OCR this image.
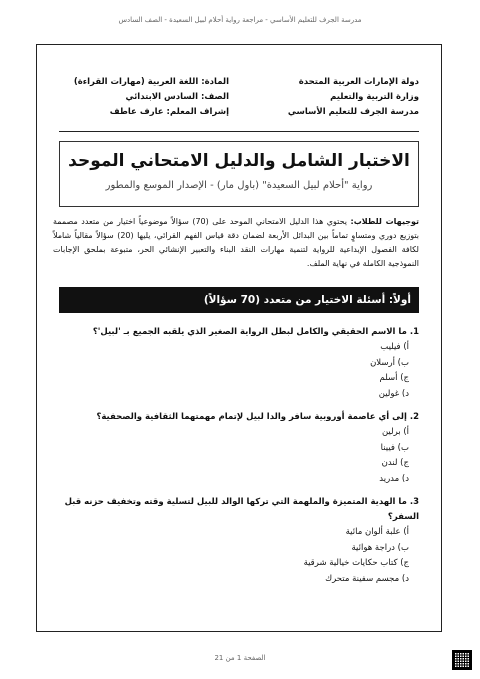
مدرسة الجرف للتعليم الأساسي - مراجعة رواية أحلام لبيل السعيدة - الصف السادس
دولة الإمارات العربية المتحدة
وزارة التربية والتعليم
مدرسة الجرف للتعليم الأساسي
المادة: اللغة العربية (مهارات القراءة)
الصف: السادس الابتدائي
إشراف المعلم: عارف عاطف
الاختبار الشامل والدليل الامتحاني الموحد
رواية "أحلام لبيل السعيدة" (باول مار) - الإصدار الموسع والمطور
توجيهات للطلاب: يحتوي هذا الدليل الامتحاني الموحد على (70) سؤالاً موضوعياً اختيار من متعدد مصممة بتوزيع دوري ومتساوٍ تماماً بين البدائل الأربعة لضمان دقة قياس الفهم القرائي، يليها (20) سؤالاً مقالياً شاملاً لكافة الفصول الإبداعية للرواية لتنمية مهارات النقد البناء والتعبير الإنشائي الحر، متبوعة بملحق الإجابات النموذجية الكاملة في نهاية الملف.
أولاً: أسئلة الاختيار من متعدد (70 سؤالاً)
1. ما الاسم الحقيقي والكامل لبطل الرواية الصغير الذي يلقبه الجميع بـ 'لبيل'؟
أ) فيليب
ب) أرسلان
ج) أسلم
د) غولين
2. إلى أي عاصمة أوروبية سافر والدا لبيل لإتمام مهمتهما الثقافية والصحفية؟
أ) برلين
ب) فيينا
ج) لندن
د) مدريد
3. ما الهدية المتميزة والملهمة التي تركها الوالد للبيل لتسلية وقته وتخفيف حزنه قبل السفر؟
أ) علبة ألوان مائية
ب) دراجة هوائية
ج) كتاب حكايات خيالية شرقية
د) مجسم سفينة متحرك
الصفحة 1 من 21
